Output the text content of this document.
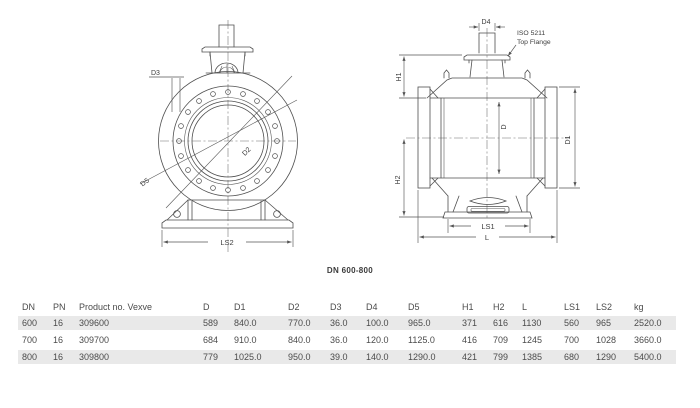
D3
D2
D5
LS2
D4
ISO 5211
Top Flange
H1
D
D1
H2
LS1
L
DN 600-800
DN	PN	Product no. Vexve	D	D1	D2	D3	D4	D5	H1	H2	L	LS1	LS2	kg
600	16	309600	589	840.0	770.0	36.0	100.0	965.0	371	616	1130	560	965	2520.0
700	16	309700	684	910.0	840.0	36.0	120.0	1125.0	416	709	1245	700	1028	3660.0
800	16	309800	779	1025.0	950.0	39.0	140.0	1290.0	421	799	1385	680	1290	5400.0
